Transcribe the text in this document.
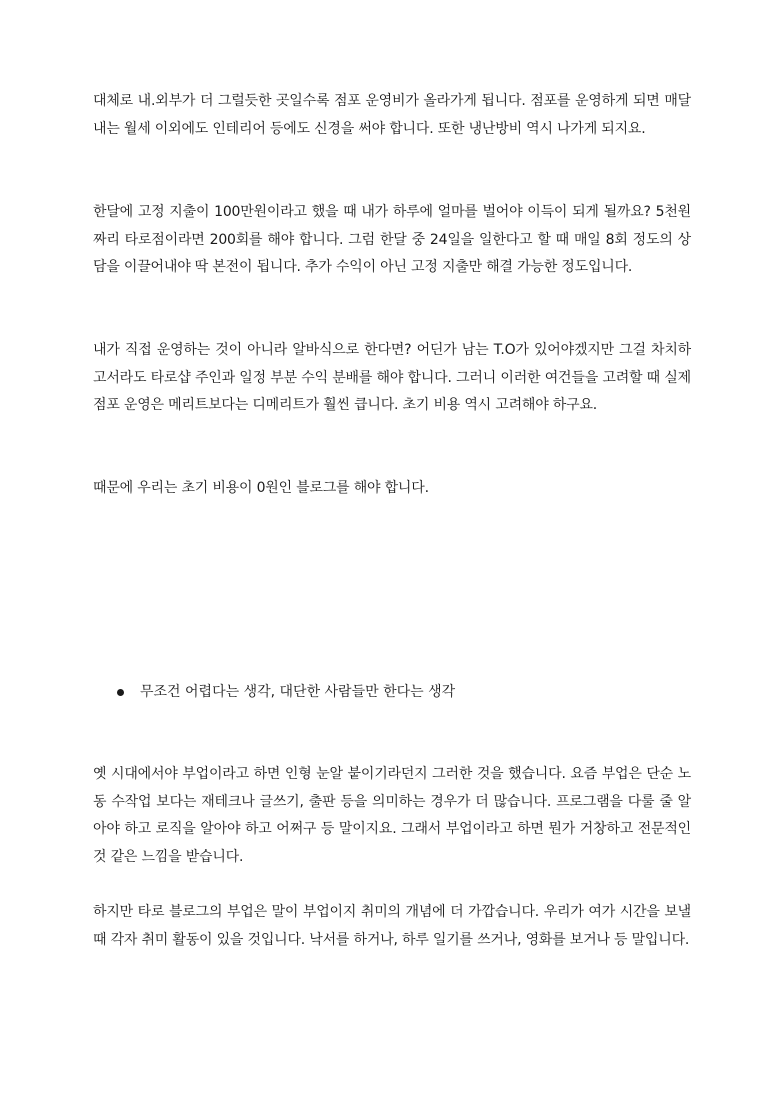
대체로 내.외부가 더 그럴듯한 곳일수록 점포 운영비가 올라가게 됩니다. 점포를 운영하게 되면 매달 내는 월세 이외에도 인테리어 등에도 신경을 써야 합니다. 또한 냉난방비 역시 나가게 되지요.

한달에 고정 지출이 100만원이라고 했을 때 내가 하루에 얼마를 벌어야 이득이 되게 될까요? 5천원짜리 타로점이라면 200회를 해야 합니다. 그럼 한달 중 24일을 일한다고 할 때 매일 8회 정도의 상담을 이끌어내야 딱 본전이 됩니다. 추가 수익이 아닌 고정 지출만 해결 가능한 정도입니다.

내가 직접 운영하는 것이 아니라 알바식으로 한다면? 어딘가 남는 T.O가 있어야겠지만 그걸 차치하고서라도 타로샵 주인과 일정 부분 수익 분배를 해야 합니다. 그러니 이러한 여건들을 고려할 때 실제 점포 운영은 메리트보다는 디메리트가 훨씬 큽니다. 초기 비용 역시 고려해야 하구요.

때문에 우리는 초기 비용이 0원인 블로그를 해야 합니다.

무조건 어렵다는 생각, 대단한 사람들만 한다는 생각

옛 시대에서야 부업이라고 하면 인형 눈알 붙이기라던지 그러한 것을 했습니다. 요즘 부업은 단순 노동 수작업 보다는 재테크나 글쓰기, 출판 등을 의미하는 경우가 더 많습니다. 프로그램을 다룰 줄 알아야 하고 로직을 알아야 하고 어쩌구 등 말이지요. 그래서 부업이라고 하면 뭔가 거창하고 전문적인 것 같은 느낌을 받습니다.

하지만 타로 블로그의 부업은 말이 부업이지 취미의 개념에 더 가깝습니다. 우리가 여가 시간을 보낼 때 각자 취미 활동이 있을 것입니다. 낙서를 하거나, 하루 일기를 쓰거나, 영화를 보거나 등 말입니다.
